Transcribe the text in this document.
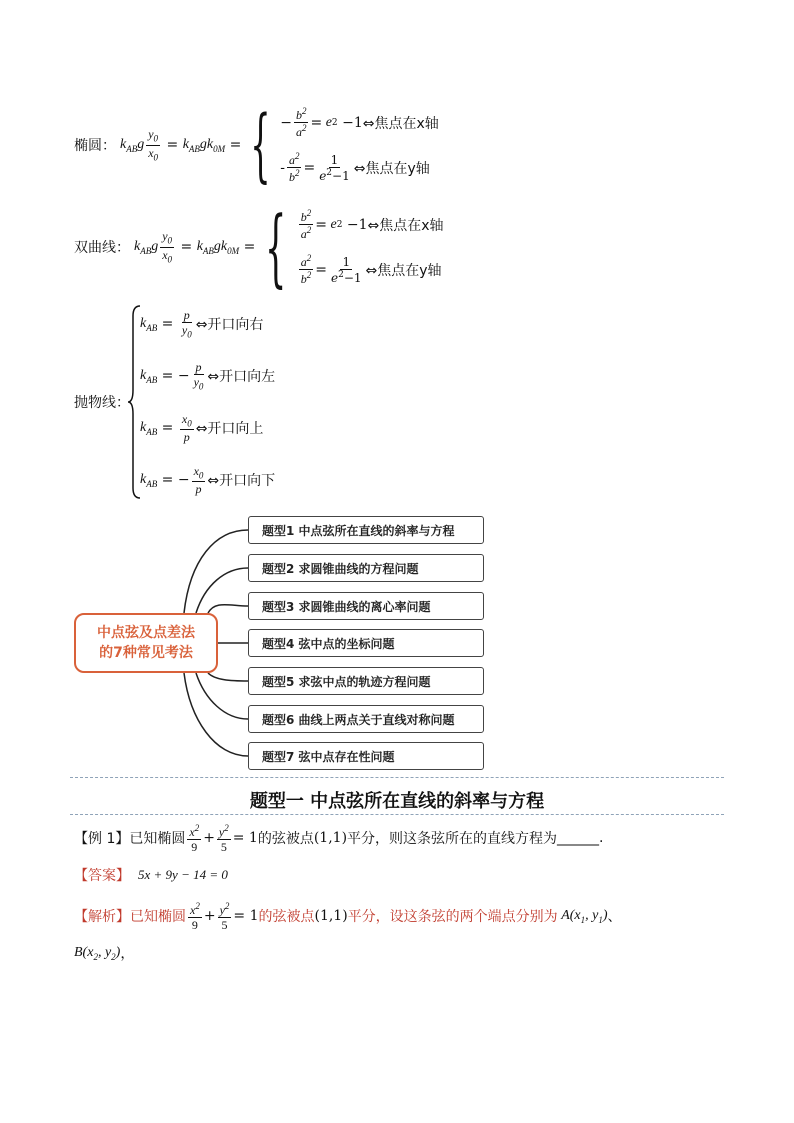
椭圆： $k_{AB}$ g $\frac{y_0}{x_0} = k_{AB}$ g $k_{0M}$ = { − $\frac{b^2}{a^2} = e$ 2 −1 ⇔焦点在x轴
- $\frac{a^2}{b^2} = \frac{1}{e^2-1}$ ⇔焦点在y轴
双曲线： $k_{AB}$ g $\frac{y_0}{x_0} = k_{AB}$ g $k_{0M}$ = { $\frac{b^2}{a^2} = e$ 2 −1 ⇔焦点在x轴
$\frac{a^2}{b^2} = \frac{1}{e^2-1}$ ⇔焦点在y轴
抛物线：
$k_{AB} = \frac{p}{y_0}$ ⇔开口向右
$k_{AB}$ = − $\frac{p}{y_0}$ ⇔开口向左
$k_{AB} = \frac{x_0}{p}$ ⇔开口向上
$k_{AB}$ = − $\frac{x_0}{p}$ ⇔开口向下
中点弦及点差法
的7种常见考法
题型1 中点弦所在直线的斜率与方程
题型2 求圆锥曲线的方程问题
题型3 求圆锥曲线的离心率问题
题型4 弦中点的坐标问题
题型5 求弦中点的轨迹方程问题
题型6 曲线上两点关于直线对称问题
题型7 弦中点存在性问题
题型一 中点弦所在直线的斜率与方程
【例 1】 已知椭圆 $\frac{x^2}{9} + \frac{y^2}{5} = 1$ 的弦被点 (1,1) 平分，则这条弦所在的直线方程为 ______.
【答案】 5x + 9y − 14 = 0
【解析】 已知椭圆 $\frac{x^2}{9} + \frac{y^2}{5} = 1$ 的弦被点 (1,1) 平分，设这条弦的两个端点分别为 $A(x_1$, $y_1$) 、
$B(x_2$, $y_2$) ，
